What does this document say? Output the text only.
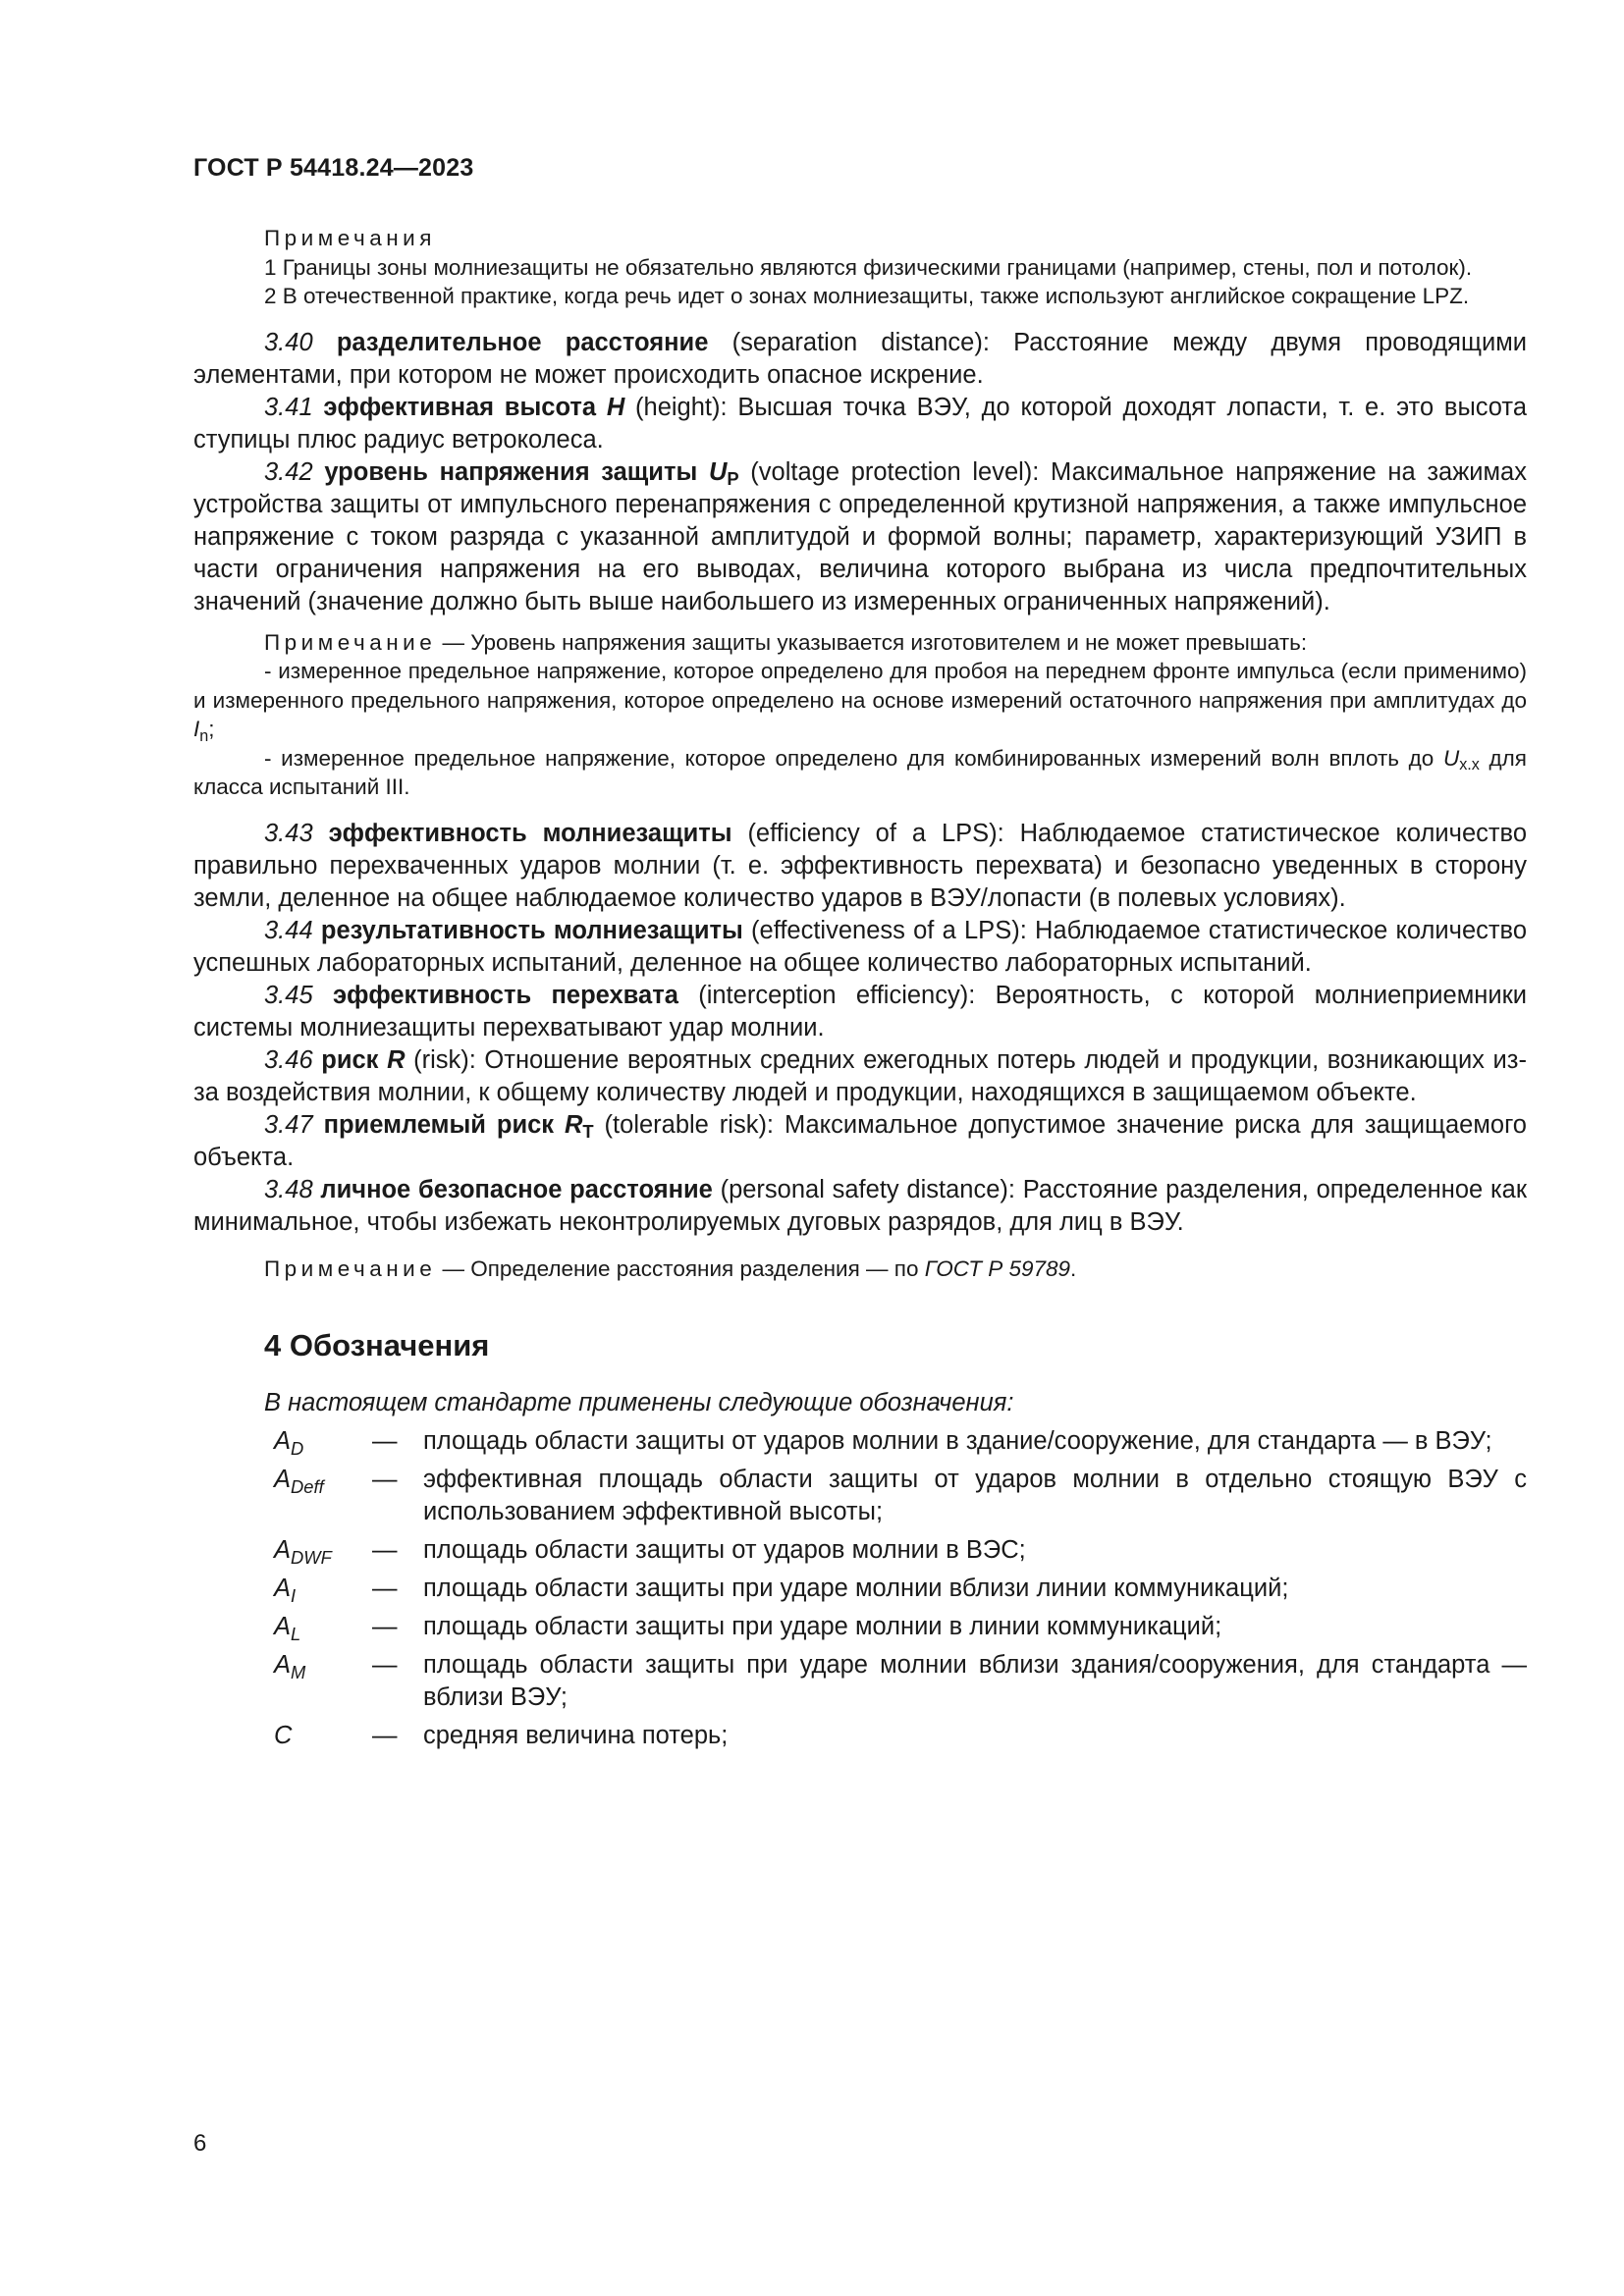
ГОСТ Р 54418.24—2023

Примечания

1 Границы зоны молниезащиты не обязательно являются физическими границами (например, стены, пол и потолок).

2 В отечественной практике, когда речь идет о зонах молниезащиты, также используют английское сокращение LPZ.

3.40 разделительное расстояние (separation distance): Расстояние между двумя проводящими элементами, при котором не может происходить опасное искрение.

3.41 эффективная высота H (height): Высшая точка ВЭУ, до которой доходят лопасти, т. е. это высота ступицы плюс радиус ветроколеса.

3.42 уровень напряжения защиты $U_P$ (voltage protection level): Максимальное напряжение на зажимах устройства защиты от импульсного перенапряжения с определенной крутизной напряжения, а также импульсное напряжение с током разряда с указанной амплитудой и формой волны; параметр, характеризующий УЗИП в части ограничения напряжения на его выводах, величина которого выбрана из числа предпочтительных значений (значение должно быть выше наибольшего из измеренных ограниченных напряжений).

Примечание — Уровень напряжения защиты указывается изготовителем и не может превышать:

- измеренное предельное напряжение, которое определено для пробоя на переднем фронте импульса (если применимо) и измеренного предельного напряжения, которое определено на основе измерений остаточного напряжения при амплитудах до $I_n$;

- измеренное предельное напряжение, которое определено для комбинированных измерений волн вплоть до $U_{x.x}$ для класса испытаний III.

3.43 эффективность молниезащиты (efficiency of a LPS): Наблюдаемое статистическое количество правильно перехваченных ударов молнии (т. е. эффективность перехвата) и безопасно уведенных в сторону земли, деленное на общее наблюдаемое количество ударов в ВЭУ/лопасти (в полевых условиях).

3.44 результативность молниезащиты (effectiveness of a LPS): Наблюдаемое статистическое количество успешных лабораторных испытаний, деленное на общее количество лабораторных испытаний.

3.45 эффективность перехвата (interception efficiency): Вероятность, с которой молниеприемники системы молниезащиты перехватывают удар молнии.

3.46 риск R (risk): Отношение вероятных средних ежегодных потерь людей и продукции, возникающих из-за воздействия молнии, к общему количеству людей и продукции, находящихся в защищаемом объекте.

3.47 приемлемый риск $R_T$ (tolerable risk): Максимальное допустимое значение риска для защищаемого объекта.

3.48 личное безопасное расстояние (personal safety distance): Расстояние разделения, определенное как минимальное, чтобы избежать неконтролируемых дуговых разрядов, для лиц в ВЭУ.

Примечание — Определение расстояния разделения — по ГОСТ Р 59789.

4 Обозначения

В настоящем стандарте применены следующие обозначения:

$A_D$	—	площадь области защиты от ударов молнии в здание/сооружение, для стандарта — в ВЭУ;
$A_{Deff}$	—	эффективная площадь области защиты от ударов молнии в отдельно стоящую ВЭУ с использованием эффективной высоты;
$A_{DWF}$	—	площадь области защиты от ударов молнии в ВЭС;
$A_I$	—	площадь области защиты при ударе молнии вблизи линии коммуникаций;
$A_L$	—	площадь области защиты при ударе молнии в линии коммуникаций;
$A_M$	—	площадь области защиты при ударе молнии вблизи здания/сооружения, для стандарта — вблизи ВЭУ;
C	—	средняя величина потерь;
6
